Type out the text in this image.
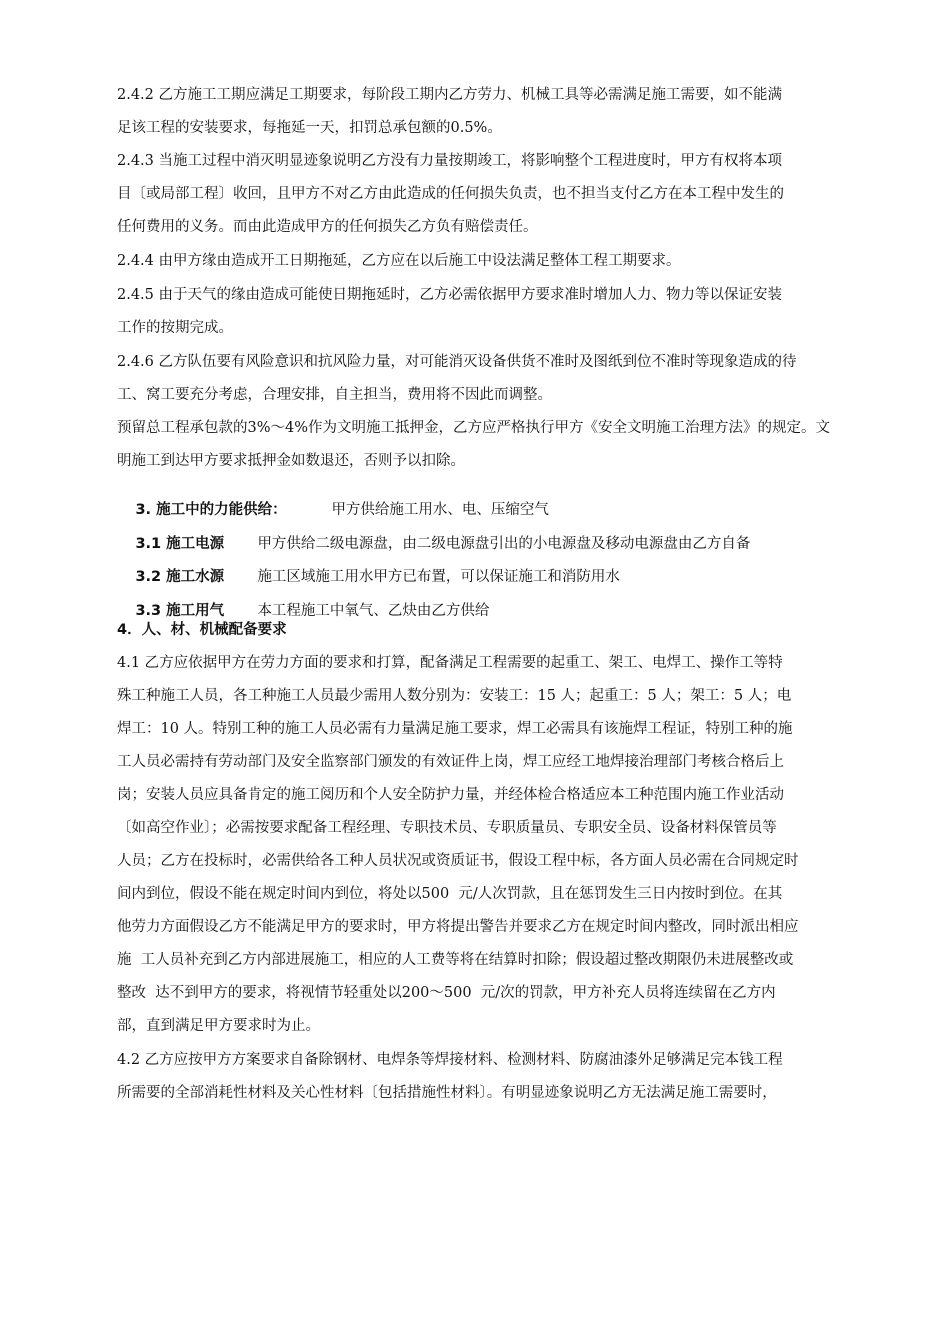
2.4.2 乙方施工工期应满足工期要求，每阶段工期内乙方劳力、机械工具等必需满足施工需要，如不能满
足该工程的安装要求，每拖延一天，扣罚总承包额的0.5%。
2.4.3 当施工过程中消灭明显迹象说明乙方没有力量按期竣工，将影响整个工程进度时，甲方有权将本项
目〔或局部工程〕收回，且甲方不对乙方由此造成的任何损失负责，也不担当支付乙方在本工程中发生的
任何费用的义务。而由此造成甲方的任何损失乙方负有赔偿责任。
2.4.4 由甲方缘由造成开工日期拖延，乙方应在以后施工中设法满足整体工程工期要求。
2.4.5 由于天气的缘由造成可能使日期拖延时，乙方必需依据甲方要求准时增加人力、物力等以保证安装
工作的按期完成。
2.4.6 乙方队伍要有风险意识和抗风险力量，对可能消灭设备供货不准时及图纸到位不准时等现象造成的待
工、窝工要充分考虑，合理安排，自主担当，费用将不因此而调整。
预留总工程承包款的3%～4%作为文明施工抵押金，乙方应严格执行甲方《安全文明施工治理方法》的规定。文
明施工到达甲方要求抵押金如数退还，否则予以扣除。

3. 施工中的力能供给：	甲方供给施工用水、电、压缩空气

3.1 施工电源 甲方供给二级电源盘，由二级电源盘引出的小电源盘及移动电源盘由乙方自备

3.2 施工水源 施工区域施工用水甲方已布置，可以保证施工和消防用水

3.3 施工用气 本工程施工中氧气、乙炔由乙方供给

4．人、材、机械配备要求
4.1 乙方应依据甲方在劳力方面的要求和打算，配备满足工程需要的起重工、架工、电焊工、操作工等特
殊工种施工人员，各工种施工人员最少需用人数分别为：安装工：15 人；起重工：5 人；架工：5 人；电
焊工：10 人。特别工种的施工人员必需有力量满足施工要求，焊工必需具有该施焊工程证，特别工种的施
工人员必需持有劳动部门及安全监察部门颁发的有效证件上岗，焊工应经工地焊接治理部门考核合格后上
岗；安装人员应具备肯定的施工阅历和个人安全防护力量，并经体检合格适应本工种范围内施工作业活动
〔如高空作业〕；必需按要求配备工程经理、专职技术员、专职质量员、专职安全员、设备材料保管员等
人员；乙方在投标时，必需供给各工种人员状况或资质证书，假设工程中标，各方面人员必需在合同规定时
间内到位，假设不能在规定时间内到位，将处以500  元/人次罚款，且在惩罚发生三日内按时到位。在其
他劳力方面假设乙方不能满足甲方的要求时，甲方将提出警告并要求乙方在规定时间内整改，同时派出相应
施  工人员补充到乙方内部进展施工，相应的人工费等将在结算时扣除；假设超过整改期限仍未进展整改或
整改  达不到甲方的要求，将视情节轻重处以200～500  元/次的罚款，甲方补充人员将连续留在乙方内
部，直到满足甲方要求时为止。
4.2 乙方应按甲方方案要求自备除钢材、电焊条等焊接材料、检测材料、防腐油漆外足够满足完本钱工程
所需要的全部消耗性材料及关心性材料〔包括措施性材料〕。有明显迹象说明乙方无法满足施工需要时，
